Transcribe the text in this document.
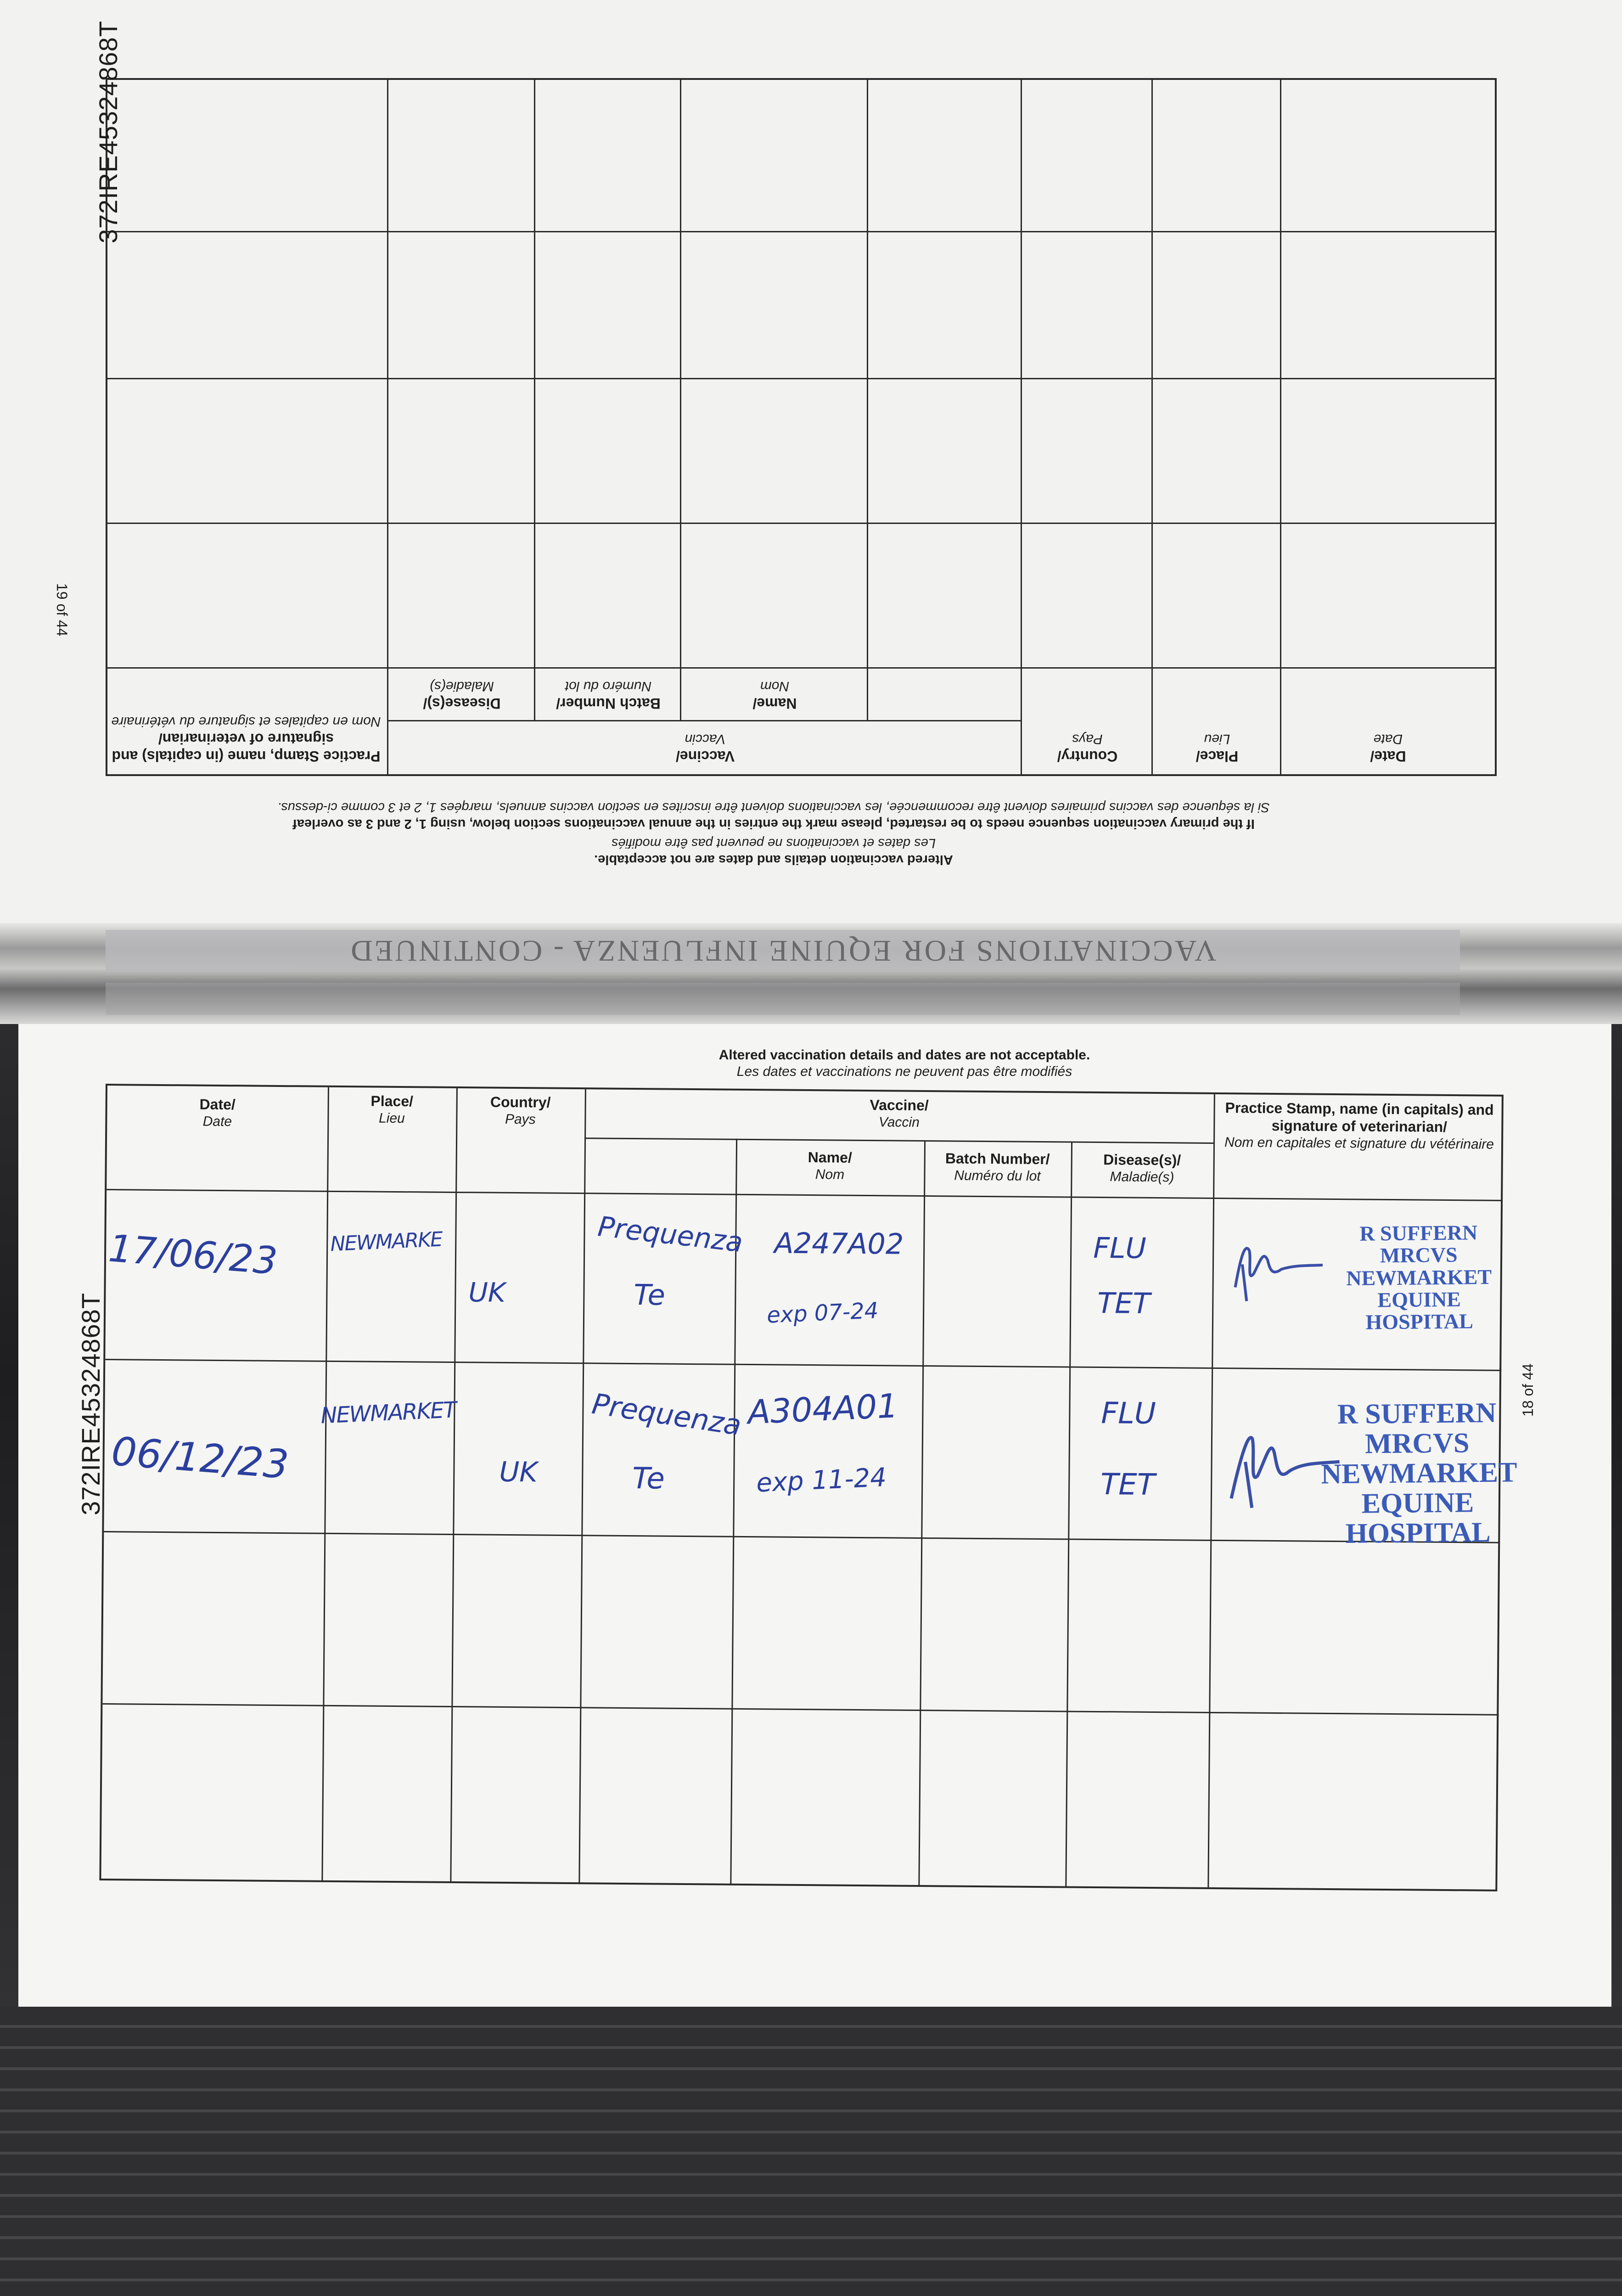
VACCINATIONS FOR EQUINE INFLUENZA - CONTINUED
19 of 44
Altered vaccination details and dates are not acceptable.
Les dates et vaccinations ne peuvent pas être modifiés
If the primary vaccination sequence needs to be restarted, please mark the entries in the annual vaccinations section below, using 1, 2 and 3 as overleaf
Si la séquence des vaccins primaires doivent être recommencée, les vaccinations doivent être inscrites en section vaccins annuels, marqées 1, 2 et 3 comme ci-dessus.
Date/
Date
Place/
Lieu
Country/
Pays
Vaccine/
Vaccin
Name/
Nom
Batch Number/
Numéro du lot
Disease(s)/
Maladie(s)
Practice Stamp, name (in capitals) and signature of veterinarian/
Nom en capitales et signature du vétérinaire
372IRE45324868T
372IRE45324868T	18 of 44
Altered vaccination details and dates are not acceptable.
Les dates et vaccinations ne peuvent pas être modifiés
Date/
Date
Place/
Lieu
Country/
Pays
Vaccine/
Vaccin
Name/
Nom
Batch Number/
Numéro du lot
Disease(s)/
Maladie(s)
Practice Stamp, name (in capitals) and signature of veterinarian/
Nom en capitales et signature du vétérinaire
17/06/23	NEWMARKE
UK
Prequenza
Te
A247A02
exp 07-24
FLU
TET
R SUFFERN MRCVS
NEWMARKET
EQUINE HOSPITAL
06/12/23
NEWMARKET
UK
Prequenza
Te
A304A01
exp 11-24
FLU
TET
R SUFFERN MRCVS
NEWMARKET
EQUINE HOSPITAL
